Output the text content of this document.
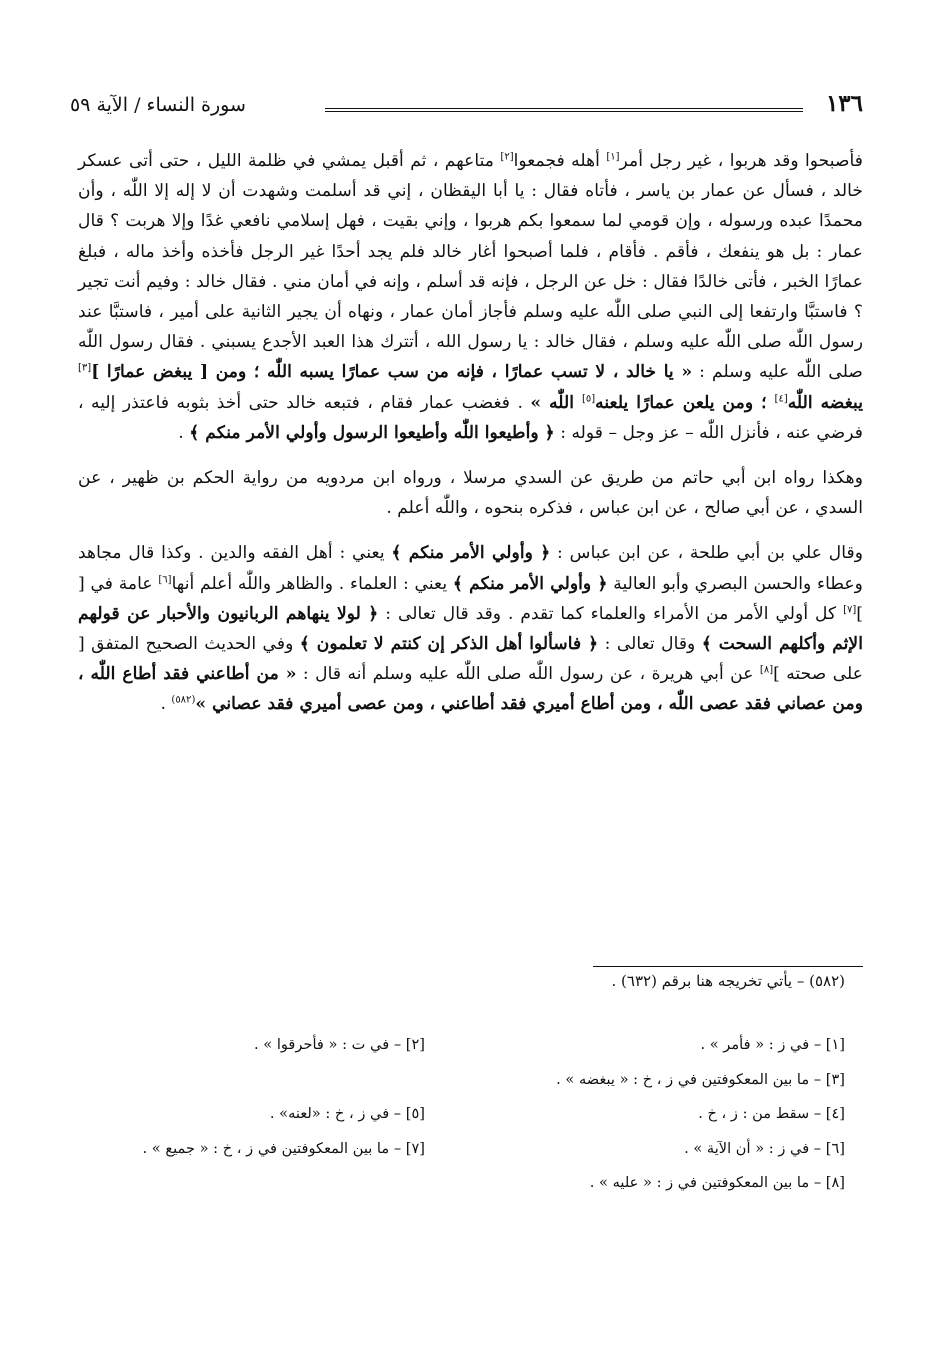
١٣٦
سورة النساء / الآية ٥٩

فأصبحوا وقد هربوا ، غير رجل أمر[١] أهله فجمعوا[٢] متاعهم ، ثم أقبل يمشي في ظلمة الليل ، حتى أتى عسكر خالد ، فسأل عن عمار بن ياسر ، فأتاه فقال : يا أبا اليقظان ، إني قد أسلمت وشهدت أن لا إله إلا اللّٰه ، وأن محمدًا عبده ورسوله ، وإن قومي لما سمعوا بكم هربوا ، وإني بقيت ، فهل إسلامي نافعي غدًا وإلا هربت ؟ قال عمار : بل هو ينفعك ، فأقم . فأقام ، فلما أصبحوا أغار خالد فلم يجد أحدًا غير الرجل فأخذه وأخذ ماله ، فبلغ عمارًا الخبر ، فأتى خالدًا فقال : خل عن الرجل ، فإنه قد أسلم ، وإنه في أمان مني . فقال خالد : وفيم أنت تجير ؟ فاستبَّا وارتفعا إلى النبي صلى اللّٰه عليه وسلم فأجاز أمان عمار ، ونهاه أن يجير الثانية على أمير ، فاستبَّا عند رسول اللّٰه صلى اللّٰه عليه وسلم ، فقال خالد : يا رسول الله ، أتترك هذا العبد الأجدع يسبني . فقال رسول اللّٰه صلى اللّٰه عليه وسلم : « يا خالد ، لا تسب عمارًا ، فإنه من سب عمارًا يسبه اللّٰه ؛ ومن [ يبغض عمارًا ][٣] يبغضه اللّٰه[٤] ؛ ومن يلعن عمارًا يلعنه[٥] اللّٰه » . فغضب عمار فقام ، فتبعه خالد حتى أخذ بثوبه فاعتذر إليه ، فرضي عنه ، فأنزل اللّٰه – عز وجل – قوله : ﴿ وأطيعوا اللّٰه وأطيعوا الرسول وأولي الأمر منكم ﴾ .

وهكذا رواه ابن أبي حاتم من طريق عن السدي مرسلا ، ورواه ابن مردويه من رواية الحكم بن ظهير ، عن السدي ، عن أبي صالح ، عن ابن عباس ، فذكره بنحوه ، واللّٰه أعلم .

وقال علي بن أبي طلحة ، عن ابن عباس : ﴿ وأولي الأمر منكم ﴾ يعني : أهل الفقه والدين . وكذا قال مجاهد وعطاء والحسن البصري وأبو العالية ﴿ وأولي الأمر منكم ﴾ يعني : العلماء . والظاهر واللّٰه أعلم أنها[٦] عامة في [ ][٧] كل أولي الأمر من الأمراء والعلماء كما تقدم . وقد قال تعالى : ﴿ لولا ينهاهم الربانيون والأحبار عن قولهم الإثم وأكلهم السحت ﴾ وقال تعالى : ﴿ فاسألوا أهل الذكر إن كنتم لا تعلمون ﴾ وفي الحديث الصحيح المتفق [ على صحته ][٨] عن أبي هريرة ، عن رسول اللّٰه صلى اللّٰه عليه وسلم أنه قال : « من أطاعني فقد أطاع اللّٰه ، ومن عصاني فقد عصى اللّٰه ، ومن أطاع أميري فقد أطاعني ، ومن عصى أميري فقد عصاني »$^{(٥٨٢)}$ .

(٥٨٢) – يأتي تخريجه هنا برقم (٦٣٢) .
[١] – في ز : « فأمر » .
[٢] – في ت : « فأحرقوا » .
[٣] – ما بين المعكوفتين في ز ، خ : « يبغضه » .
[٤] – سقط من : ز ، خ .
[٥] – في ز ، خ : «لعنه» .
[٦] – في ز : « أن الآية » .
[٧] – ما بين المعكوفتين في ز ، خ : « جميع » .
[٨] – ما بين المعكوفتين في ز : « عليه » .
